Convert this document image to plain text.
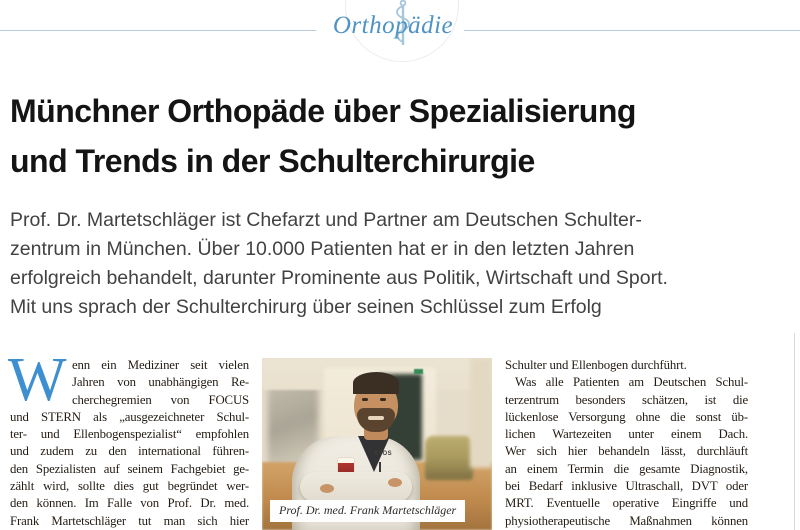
Orthopädie
Münchner Orthopäde über Spezialisierung
und Trends in der Schulterchirurgie
Prof. Dr. Martetschläger ist Chefarzt und Partner am Deutschen Schulter-
zentrum in München. Über 10.000 Patienten hat er in den letzten Jahren
erfolgreich behandelt, darunter Prominente aus Politik, Wirtschaft und Sport.
Mit uns sprach der Schulterchirurg über seinen Schlüssel zum Erfolg
W enn ein Mediziner seit vielen
Jahren von unabhängigen Re-
cherchegremien von FOCUS
und STERN als „ausgezeichneter Schul-
ter- und Ellenbogenspezialist“ empfohlen
und zudem zu den international führen-
den Spezialisten auf seinem Fachgebiet ge-
zählt wird, sollte dies gut begründet wer-
den können. Im Falle von Prof. Dr. med.
Frank Martetschläger tut man sich hier
ATOS
Prof. Dr. med. Frank Martetschläger
Schulter und Ellenbogen durchführt.
Was alle Patienten am Deutschen Schul-
terzentrum besonders schätzen, ist die
lückenlose Versorgung ohne die sonst üb-
lichen Wartezeiten unter einem Dach.
Wer sich hier behandeln lässt, durchläuft
an einem Termin die gesamte Diagnostik,
bei Bedarf inklusive Ultraschall, DVT oder
MRT. Eventuelle operative Eingriffe und
physiotherapeutische Maßnahmen können
